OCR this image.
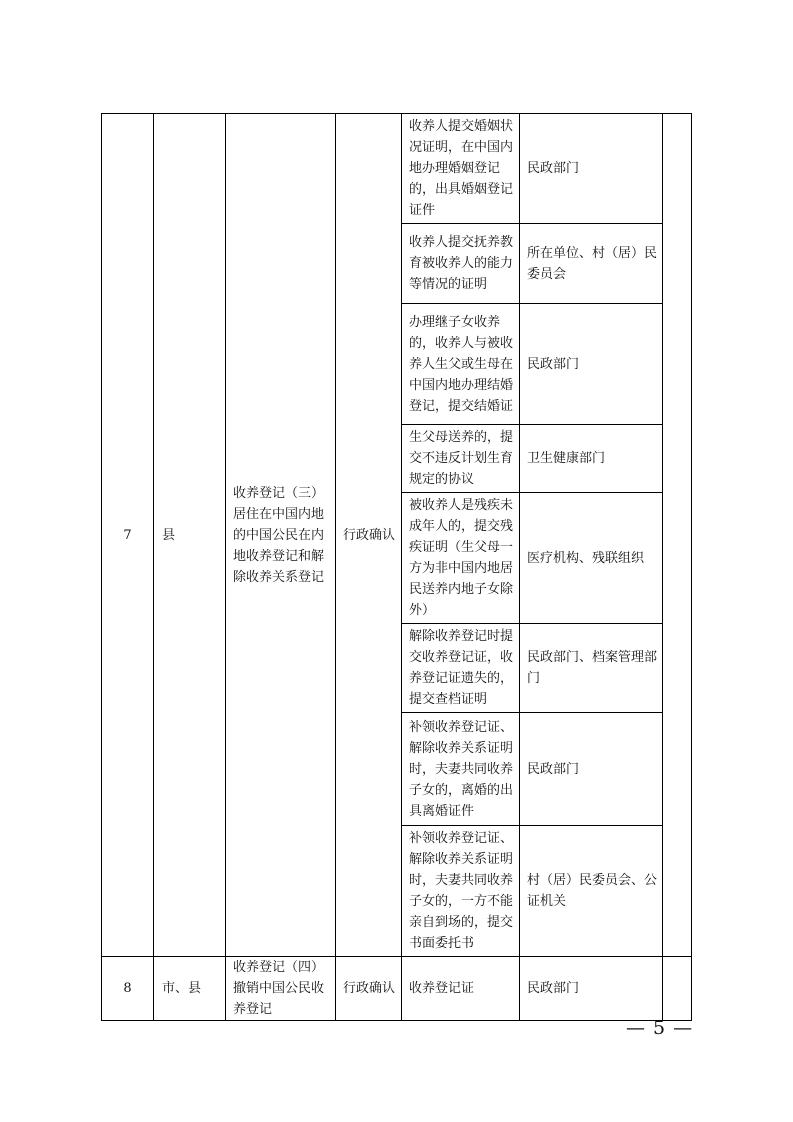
7	县	收养登记（三）居住在中国内地的中国公民在内地收养登记和解除收养关系登记	行政确认	收养人提交婚姻状况证明，在中国内地办理婚姻登记的，出具婚姻登记证件	民政部门	
				收养人提交抚养教育被收养人的能力等情况的证明	所在单位、村（居）民委员会	
				办理继子女收养的，收养人与被收养人生父或生母在中国内地办理结婚登记，提交结婚证	民政部门	
				生父母送养的，提交不违反计划生育规定的协议	卫生健康部门	
				被收养人是残疾未成年人的，提交残疾证明（生父母一方为非中国内地居民送养内地子女除外）	医疗机构、残联组织	
				解除收养登记时提交收养登记证，收养登记证遗失的，提交查档证明	民政部门、档案管理部门	
				补领收养登记证、解除收养关系证明时，夫妻共同收养子女的，离婚的出具离婚证件	民政部门	
				补领收养登记证、解除收养关系证明时，夫妻共同收养子女的，一方不能亲自到场的，提交书面委托书	村（居）民委员会、公证机关	
8	市、县	收养登记（四）撤销中国公民收养登记	行政确认	收养登记证	民政部门	
— 5 —
